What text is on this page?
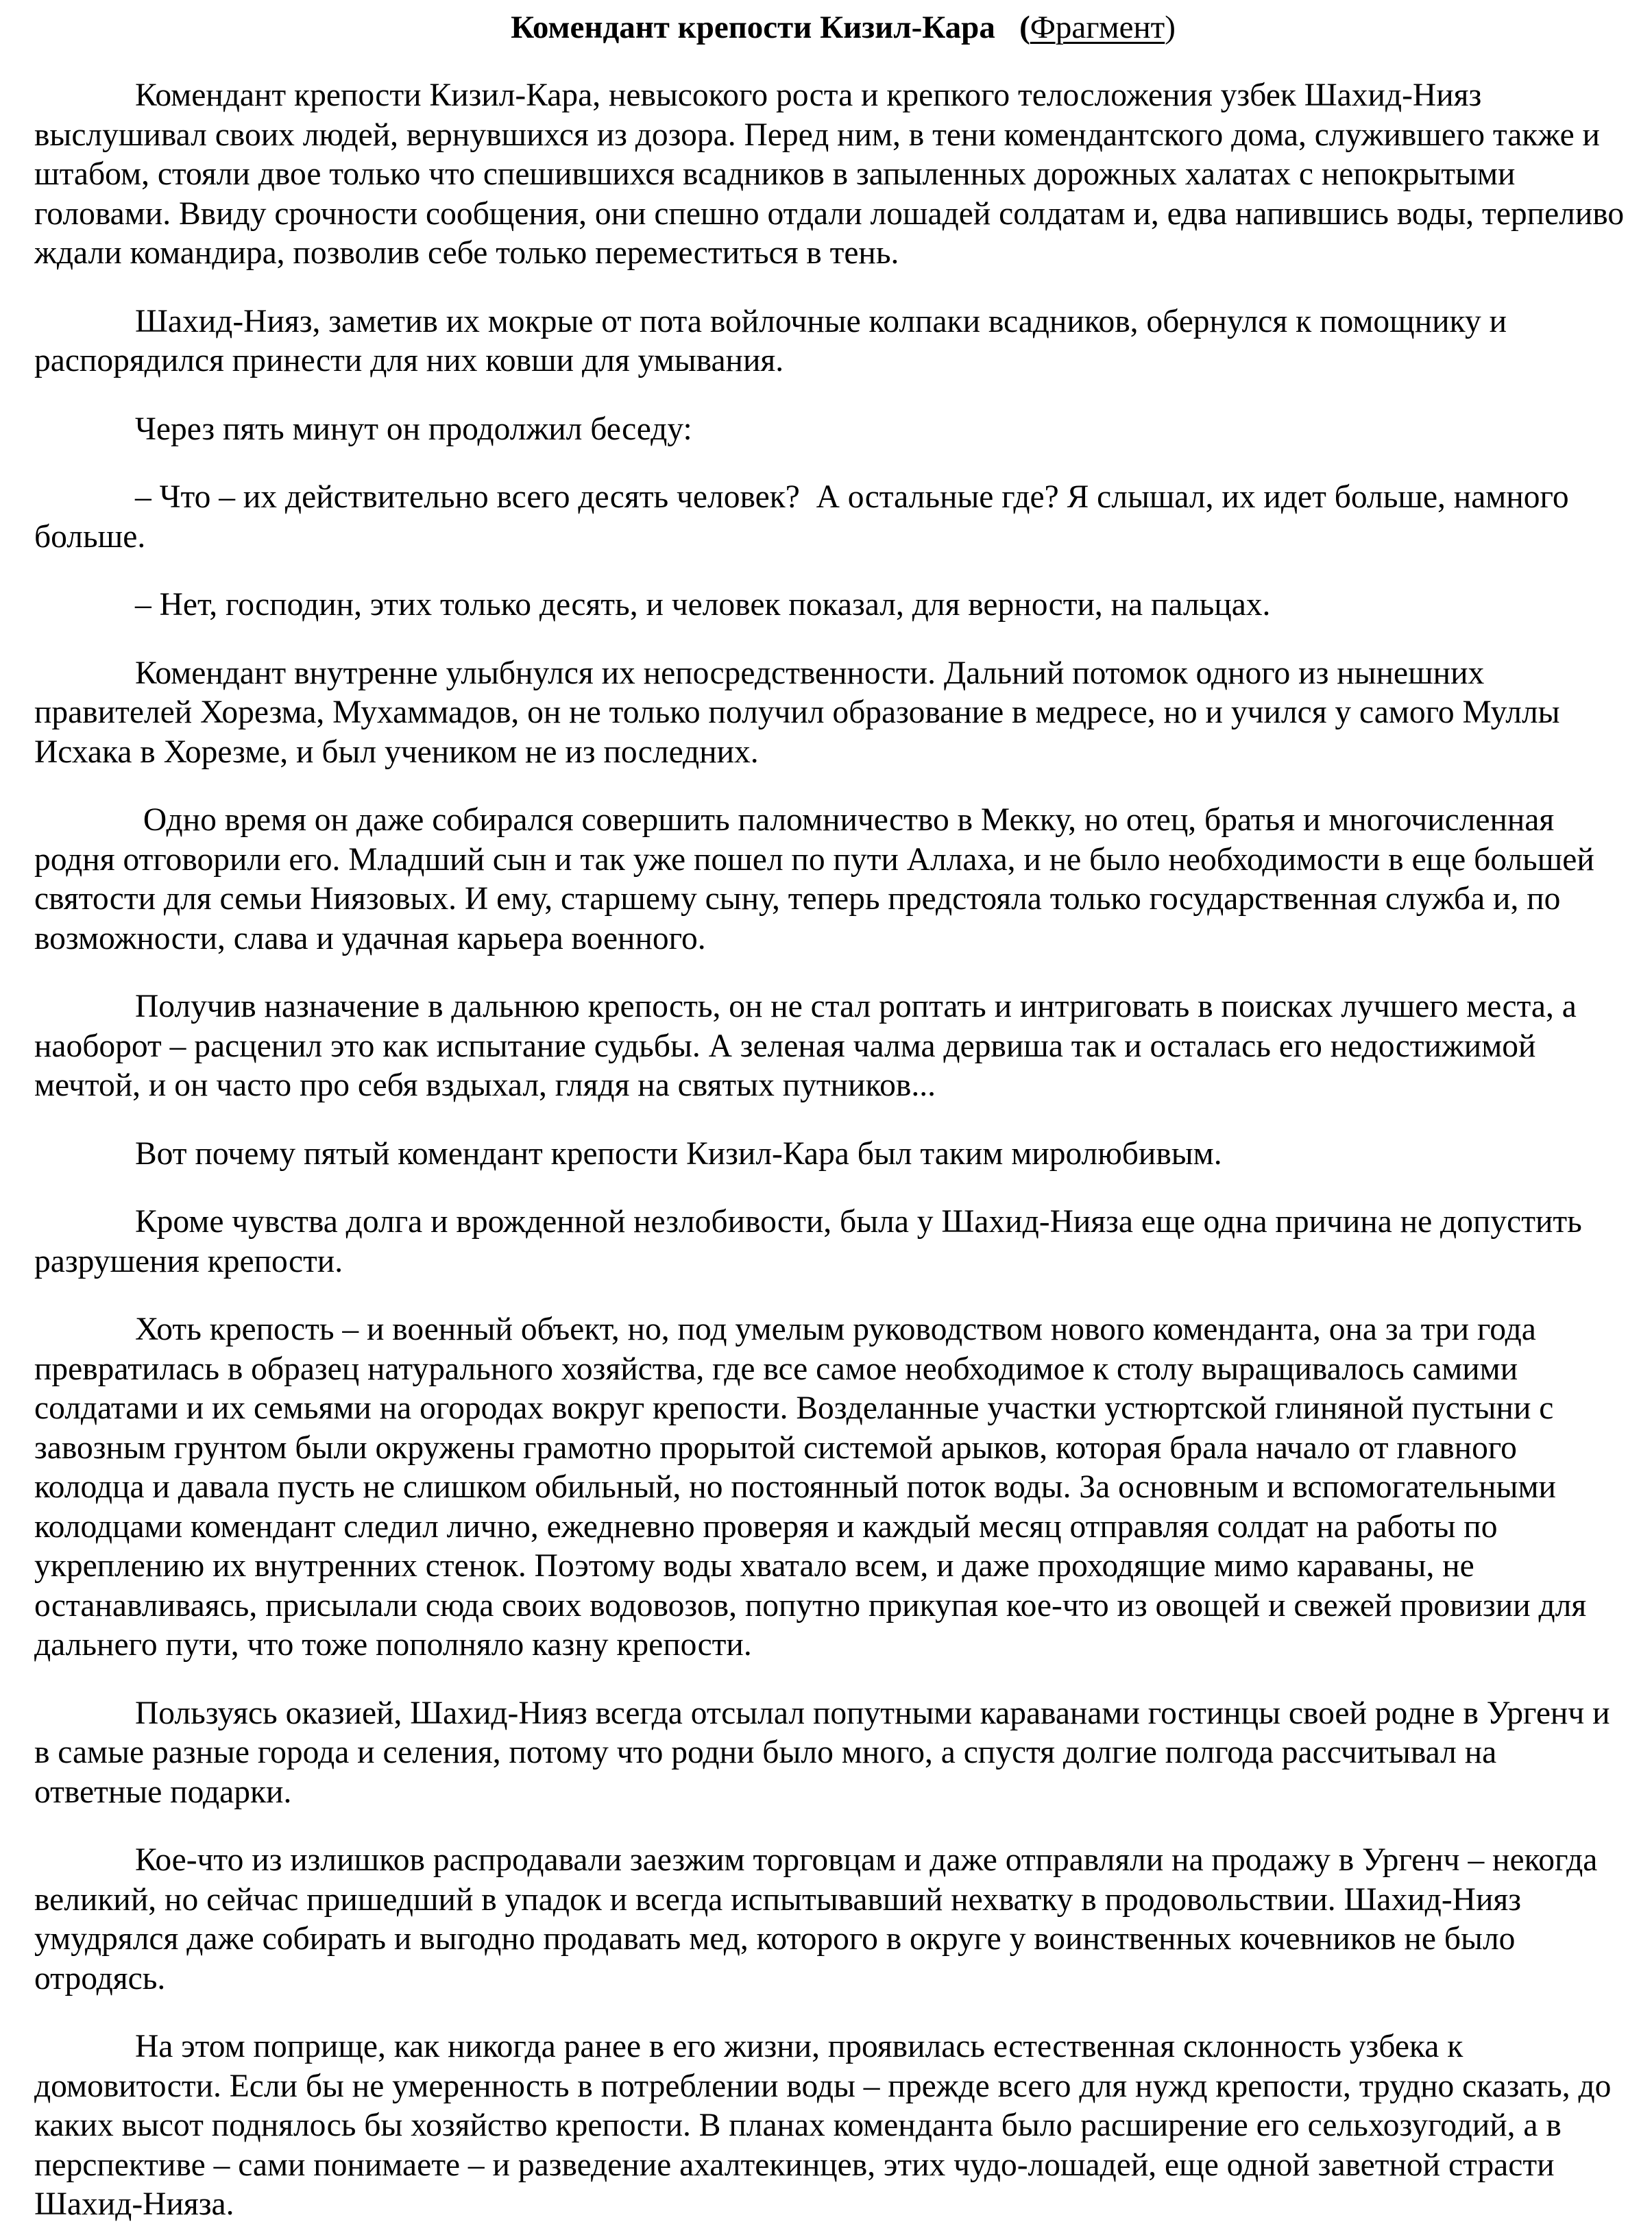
Комендант крепости Кизил-Кара (Фрагмент)

Комендант крепости Кизил-Кара, невысокого роста и крепкого телосложения узбек Шахид-Нияз выслушивал своих людей, вернувшихся из дозора. Перед ним, в тени комендантского дома, служившего также и штабом, стояли двое только что спешившихся всадников в запыленных дорожных халатах с непокрытыми головами. Ввиду срочности сообщения, они спешно отдали лошадей солдатам и, едва напившись воды, терпеливо ждали командира, позволив себе только переместиться в тень.

Шахид-Нияз, заметив их мокрые от пота войлочные колпаки всадников, обернулся к помощнику и распорядился принести для них ковши для умывания.

Через пять минут он продолжил беседу:

– Что – их действительно всего десять человек?  А остальные где? Я слышал, их идет больше, намного больше.

– Нет, господин, этих только десять, и человек показал, для верности, на пальцах.

Комендант внутренне улыбнулся их непосредственности. Дальний потомок одного из нынешних правителей Хорезма, Мухаммадов, он не только получил образование в медресе, но и учился у самого Муллы Исхака в Хорезме, и был учеником не из последних.

Одно время он даже собирался совершить паломничество в Мекку, но отец, братья и многочисленная родня отговорили его. Младший сын и так уже пошел по пути Аллаха, и не было необходимости в еще большей святости для семьи Ниязовых. И ему, старшему сыну, теперь предстояла только государственная служба и, по возможности, слава и удачная карьера военного.

Получив назначение в дальнюю крепость, он не стал роптать и интриговать в поисках лучшего места, а наоборот – расценил это как испытание судьбы. А зеленая чалма дервиша так и осталась его недостижимой мечтой, и он часто про себя вздыхал, глядя на святых путников...

Вот почему пятый комендант крепости Кизил-Кара был таким миролюбивым.

Кроме чувства долга и врожденной незлобивости, была у Шахид-Нияза еще одна причина не допустить разрушения крепости.

Хоть крепость – и военный объект, но, под умелым руководством нового коменданта, она за три года превратилась в образец натурального хозяйства, где все самое необходимое к столу выращивалось самими солдатами и их семьями на огородах вокруг крепости. Возделанные участки устюртской глиняной пустыни с завозным грунтом были окружены грамотно прорытой системой арыков, которая брала начало от главного колодца и давала пусть не слишком обильный, но постоянный поток воды. За основным и вспомогательными колодцами комендант следил лично, ежедневно проверяя и каждый месяц отправляя солдат на работы по укреплению их внутренних стенок. Поэтому воды хватало всем, и даже проходящие мимо караваны, не останавливаясь, присылали сюда своих водовозов, попутно прикупая кое-что из овощей и свежей провизии для дальнего пути, что тоже пополняло казну крепости.

Пользуясь оказией, Шахид-Нияз всегда отсылал попутными караванами гостинцы своей родне в Ургенч и в самые разные города и селения, потому что родни было много, а спустя долгие полгода рассчитывал на ответные подарки.

Кое-что из излишков распродавали заезжим торговцам и даже отправляли на продажу в Ургенч – некогда великий, но сейчас пришедший в упадок и всегда испытывавший нехватку в продовольствии. Шахид-Нияз умудрялся даже собирать и выгодно продавать мед, которого в округе у воинственных кочевников не было отродясь.

На этом поприще, как никогда ранее в его жизни, проявилась естественная склонность узбека к домовитости. Если бы не умеренность в потреблении воды – прежде всего для нужд крепости, трудно сказать, до каких высот поднялось бы хозяйство крепости. В планах коменданта было расширение его сельхозугодий, а в перспективе – сами понимаете – и разведение ахалтекинцев, этих чудо-лошадей, еще одной заветной страсти Шахид-Нияза.
